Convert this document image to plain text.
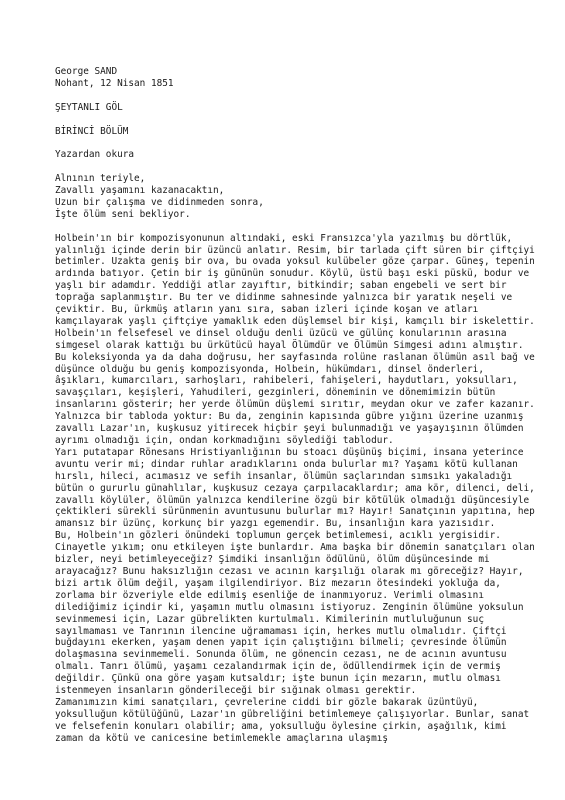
George SAND

Nohant, 12 Nisan 1851

ŞEYTANLI GÖL

BİRİNCİ BÖLÜM

Yazardan okura

Alnının teriyle,

Zavallı yaşamını kazanacaktın,

Uzun bir çalışma ve didinmeden sonra,

İşte ölüm seni bekliyor.

Holbein'ın bir kompozisyonunun altındaki, eski Fransızca'yla yazılmış bu dörtlük, yalınlığı içinde derin bir üzüncü anlatır. Resim, bir tarlada çift süren bir çiftçiyi betimler. Uzakta geniş bir ova, bu ovada yoksul kulübeler göze çarpar. Güneş, tepenin ardında batıyor. Çetin bir iş gününün sonudur. Köylü, üstü başı eski püskü, bodur ve yaşlı bir adamdır. Yeddiği atlar zayıftır, bitkindir; saban engebeli ve sert bir toprağa saplanmıştır. Bu ter ve didinme sahnesinde yalnızca bir yaratık neşeli ve çeviktir. Bu, ürkmüş atların yanı sıra, saban izleri içinde koşan ve atları kamçılayarak yaşlı çiftçiye yamaklık eden düşlemsel bir kişi, kamçılı bir iskelettir. Holbein'ın felsefesel ve dinsel olduğu denli üzücü ve gülünç konularının arasına simgesel olarak kattığı bu ürkütücü hayal Ölümdür ve Ölümün Simgesi adını almıştır.

Bu koleksiyonda ya da daha doğrusu, her sayfasında rolüne raslanan ölümün asıl bağ ve düşünce olduğu bu geniş kompozisyonda, Holbein, hükümdarı, dinsel önderleri, âşıkları, kumarcıları, sarhoşları, rahibeleri, fahişeleri, haydutları, yoksulları, savaşçıları, keşişleri, Yahudileri, gezginleri, döneminin ve dönemimizin bütün insanlarını gösterir; her yerde ölümün düşlemi sırıtır, meydan okur ve zafer kazanır. Yalnızca bir tabloda yoktur: Bu da, zenginin kapısında gübre yığını üzerine uzanmış zavallı Lazar'ın, kuşkusuz yitirecek hiçbir şeyi bulunmadığı ve yaşayışının ölümden ayrımı olmadığı için, ondan korkmadığını söylediği tablodur.

Yarı putatapar Rönesans Hristiyanlığının bu stoacı düşünüş biçimi, insana yeterince avuntu verir mi; dindar ruhlar aradıklarını onda bulurlar mı? Yaşamı kötü kullanan hırslı, hileci, acımasız ve sefih insanlar, ölümün saçlarından sımsıkı yakaladığı bütün o gururlu günahlılar, kuşkusuz cezaya çarpılacaklardır; ama kör, dilenci, deli, zavallı köylüler, ölümün yalnızca kendilerine özgü bir kötülük olmadığı düşüncesiyle çektikleri sürekli sürünmenin avuntusunu bulurlar mı? Hayır! Sanatçının yapıtına, hep amansız bir üzünç, korkunç bir yazgı egemendir. Bu, insanlığın kara yazısıdır.

Bu, Holbein'ın gözleri önündeki toplumun gerçek betimlemesi, acıklı yergisidir. Cinayetle yıkım; onu etkileyen işte bunlardır. Ama başka bir dönemin sanatçıları olan bizler, neyi betimleyeceğiz? Şimdiki insanlığın ödülünü, ölüm düşüncesinde mi arayacağız? Bunu haksızlığın cezası ve acının karşılığı olarak mı göreceğiz? Hayır, bizi artık ölüm değil, yaşam ilgilendiriyor. Biz mezarın ötesindeki yokluğa da, zorlama bir özveriyle elde edilmiş esenliğe de inanmıyoruz. Verimli olmasını dilediğimiz içindir ki, yaşamın mutlu olmasını istiyoruz. Zenginin ölümüne yoksulun sevinmemesi için, Lazar gübrelikten kurtulmalı. Kimilerinin mutluluğunun suç sayılmaması ve Tanrının ilencine uğramaması için, herkes mutlu olmalıdır. Çiftçi buğdayını ekerken, yaşam denen yapıt için çalıştığını bilmeli; çevresinde ölümün dolaşmasına sevinmemeli. Sonunda ölüm, ne gönencin cezası, ne de acının avuntusu olmalı. Tanrı ölümü, yaşamı cezalandırmak için de, ödüllendirmek için de vermiş değildir. Çünkü ona göre yaşam kutsaldır; işte bunun için mezarın, mutlu olması istenmeyen insanların gönderileceği bir sığınak olması gerektir.

Zamanımızın kimi sanatçıları, çevrelerine ciddi bir gözle bakarak üzüntüyü, yoksulluğun kötülüğünü, Lazar'ın gübreliğini betimlemeye çalışıyorlar. Bunlar, sanat ve felsefenin konuları olabilir; ama, yoksulluğu öylesine çirkin, aşağılık, kimi zaman da kötü ve canicesine betimlemekle amaçlarına ulaşmış
